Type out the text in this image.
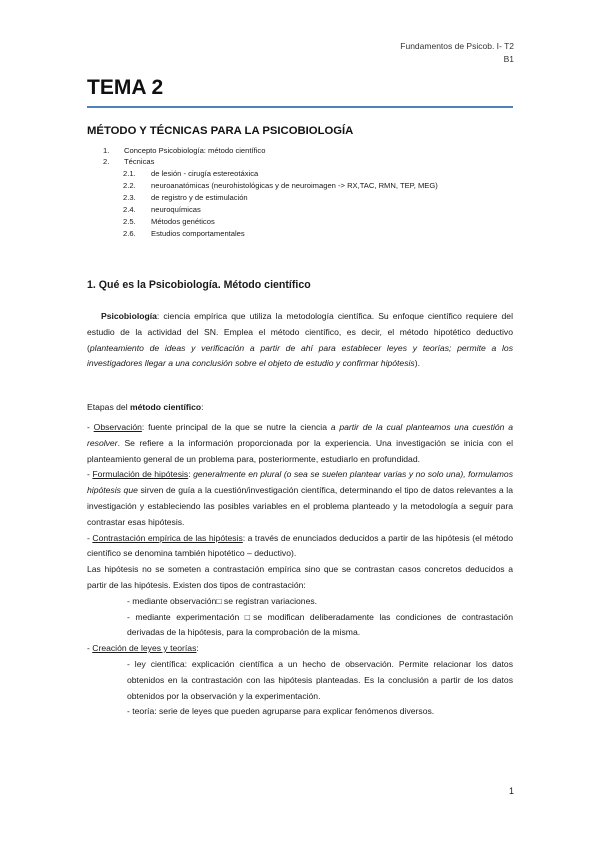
Fundamentos de Psicob. I- T2
B1
TEMA 2
MÉTODO Y TÉCNICAS PARA LA PSICOBIOLOGÍA
1. Concepto Psicobiología: método científico
2. Técnicas
2.1. de lesión - cirugía estereotáxica
2.2. neuroanatómicas (neurohistológicas y de neuroimagen -> RX,TAC, RMN, TEP, MEG)
2.3. de registro y de estimulación
2.4. neuroquímicas
2.5. Métodos genéticos
2.6. Estudios comportamentales
1. Qué es la Psicobiología. Método científico

Psicobiología: ciencia empírica que utiliza la metodología científica. Su enfoque científico requiere del estudio de la actividad del SN. Emplea el método científico, es decir, el método hipotético deductivo (planteamiento de ideas y verificación a partir de ahí para establecer leyes y teorías; permite a los investigadores llegar a una conclusión sobre el objeto de estudio y confirmar hipótesis).

Etapas del método científico:

- Observación: fuente principal de la que se nutre la ciencia a partir de la cual planteamos una cuestión a resolver. Se refiere a la información proporcionada por la experiencia. Una investigación se inicia con el planteamiento general de un problema para, posteriormente, estudiarlo en profundidad.

- Formulación de hipótesis: generalmente en plural (o sea se suelen plantear varias y no solo una), formulamos hipótesis que sirven de guía a la cuestión/investigación científica, determinando el tipo de datos relevantes a la investigación y estableciendo las posibles variables en el problema planteado y la metodología a seguir para contrastar esas hipótesis.

- Contrastación empírica de las hipótesis: a través de enunciados deducidos a partir de las hipótesis (el método científico se denomina también hipotético – deductivo).

Las hipótesis no se someten a contrastación empírica sino que se contrastan casos concretos deducidos a partir de las hipótesis. Existen dos tipos de contrastación:

- mediante observación□ se registran variaciones.

- mediante experimentación □se modifican deliberadamente las condiciones de contrastación derivadas de la hipótesis, para la comprobación de la misma.

- Creación de leyes y teorías:

- ley científica: explicación científica a un hecho de observación. Permite relacionar los datos obtenidos en la contrastación con las hipótesis planteadas. Es la conclusión a partir de los datos obtenidos por la observación y la experimentación.

- teoría: serie de leyes que pueden agruparse para explicar fenómenos diversos.

1
